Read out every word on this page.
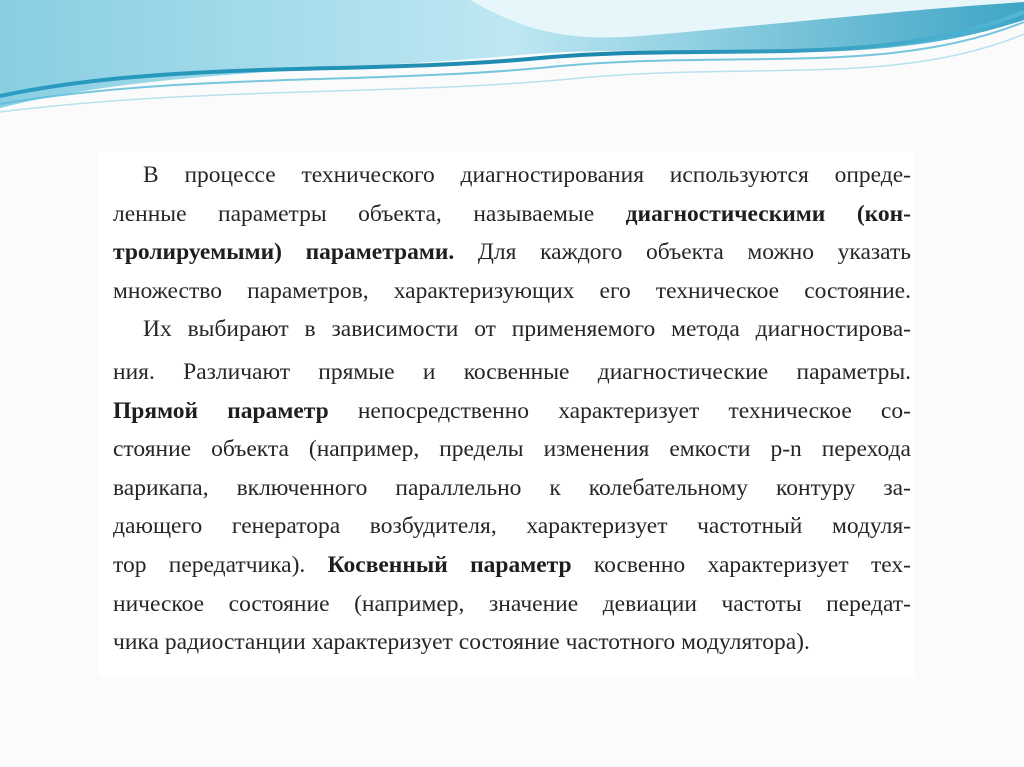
В процессе технического диагностирования используются опреде-
ленные параметры объекта, называемые диагностическими (кон-
тролируемыми) параметрами. Для каждого объекта можно указать
множество параметров, характеризующих его техническое состояние.
Их выбирают в зависимости от применяемого метода диагностирова-
ния. Различают прямые и косвенные диагностические параметры.
Прямой параметр непосредственно характеризует техническое со-
стояние объекта (например, пределы изменения емкости p-n перехода
варикапа, включенного параллельно к колебательному контуру за-
дающего генератора возбудителя, характеризует частотный модуля-
тор передатчика). Косвенный параметр косвенно характеризует тех-
ническое состояние (например, значение девиации частоты передат-
чика радиостанции характеризует состояние частотного модулятора).
